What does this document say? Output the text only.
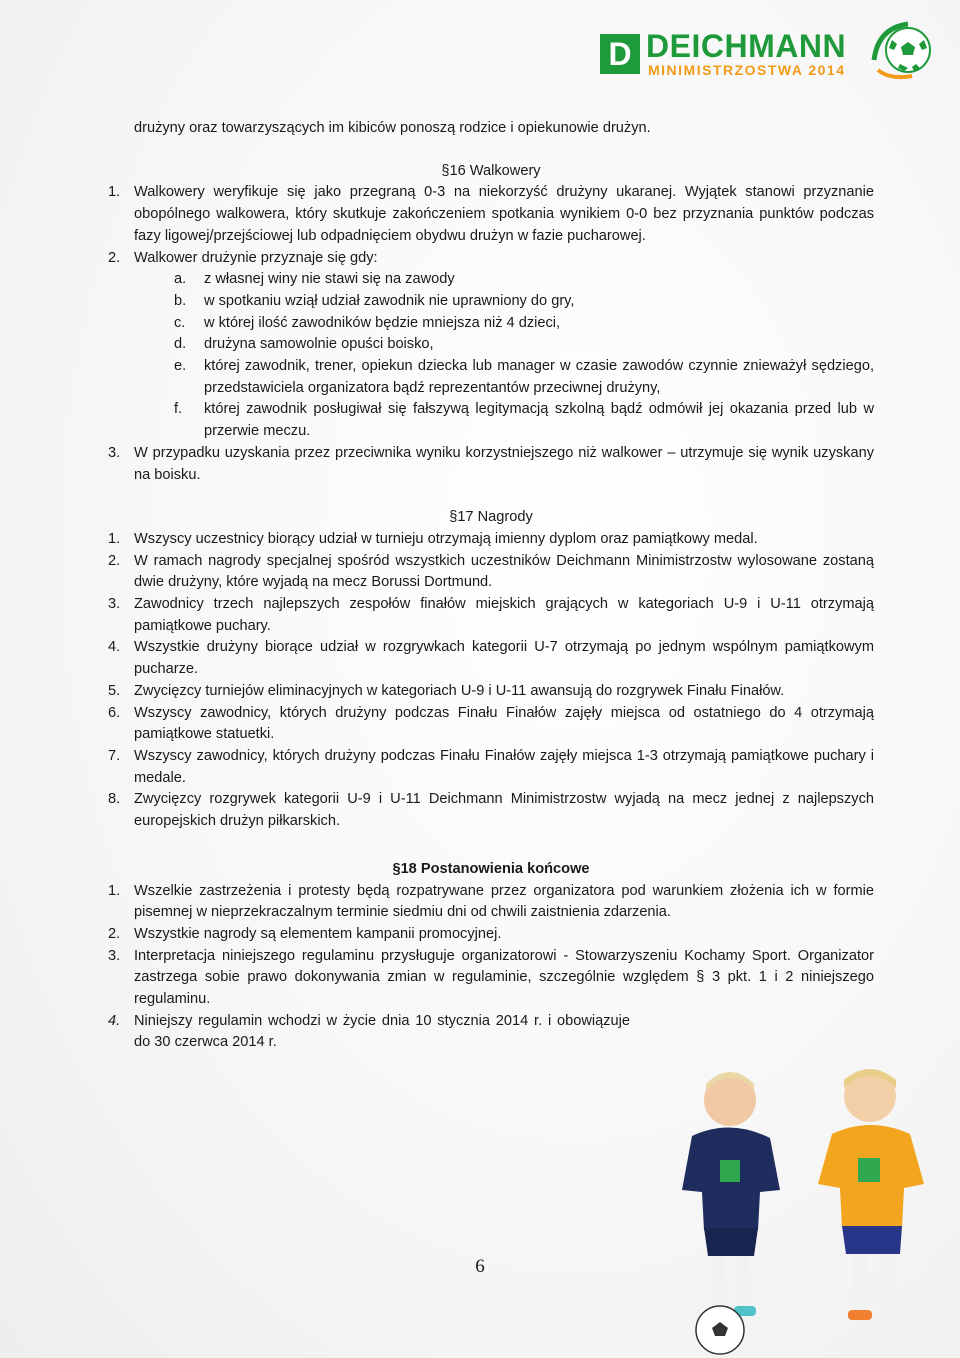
D DEICHMANN
MINIMISTRZOSTWA 2014
drużyny oraz towarzyszących im kibiców ponoszą rodzice i opiekunowie drużyn.
§16 Walkowery
1. Walkowery weryfikuje się jako przegraną 0-3 na niekorzyść drużyny ukaranej. Wyjątek stanowi przyznanie obopólnego walkowera, który skutkuje zakończeniem spotkania wynikiem 0-0 bez przyznania punktów podczas fazy ligowej/przejściowej lub odpadnięciem obydwu drużyn w fazie pucharowej.
2. Walkower drużynie przyznaje się gdy:
a.	z własnej winy nie stawi się na zawody
b.	w spotkaniu wziął udział zawodnik nie uprawniony do gry,
c.	w której ilość zawodników będzie mniejsza niż 4 dzieci,
d.	drużyna samowolnie opuści boisko,
e.	której zawodnik, trener, opiekun dziecka lub manager w czasie zawodów czynnie znieważył sędziego, przedstawiciela organizatora bądź reprezentantów przeciwnej drużyny,
f.	której zawodnik posługiwał się fałszywą legitymacją szkolną bądź odmówił jej okazania przed lub w przerwie meczu.
3. W przypadku uzyskania przez przeciwnika wyniku korzystniejszego niż walkower – utrzymuje się wynik uzyskany na boisku.
§17 Nagrody
1. Wszyscy uczestnicy biorący udział w turnieju otrzymają imienny dyplom oraz pamiątkowy medal.
2. W ramach nagrody specjalnej spośród wszystkich uczestników Deichmann Minimistrzostw wylosowane zostaną dwie drużyny, które wyjadą na mecz Borussi Dortmund.
3. Zawodnicy trzech najlepszych zespołów finałów miejskich grających w kategoriach U-9 i U-11 otrzymają pamiątkowe puchary.
4. Wszystkie drużyny biorące udział w rozgrywkach kategorii U-7 otrzymają po jednym wspólnym pamiątkowym pucharze.
5. Zwycięzcy turniejów eliminacyjnych w kategoriach U-9 i U-11 awansują do rozgrywek Finału Finałów.
6. Wszyscy zawodnicy, których drużyny podczas Finału Finałów zajęły miejsca od ostatniego do 4 otrzymają pamiątkowe statuetki.
7. Wszyscy zawodnicy, których drużyny podczas Finału Finałów zajęły miejsca 1-3 otrzymają pamiątkowe puchary i medale.
8. Zwycięzcy rozgrywek kategorii U-9 i U-11 Deichmann Minimistrzostw wyjadą na mecz jednej z najlepszych europejskich drużyn piłkarskich.
§18 Postanowienia końcowe
1. Wszelkie zastrzeżenia i protesty będą rozpatrywane przez organizatora pod warunkiem złożenia ich w formie pisemnej w nieprzekraczalnym terminie siedmiu dni od chwili zaistnienia zdarzenia.
2. Wszystkie nagrody są elementem kampanii promocyjnej.
3. Interpretacja niniejszego regulaminu przysługuje organizatorowi - Stowarzyszeniu Kochamy Sport. Organizator zastrzega sobie prawo dokonywania zmian w regulaminie, szczególnie względem § 3 pkt. 1 i 2 niniejszego regulaminu.
4. Niniejszy regulamin wchodzi w życie dnia 10 stycznia 2014 r. i obowiązuje do 30 czerwca 2014 r.
6
